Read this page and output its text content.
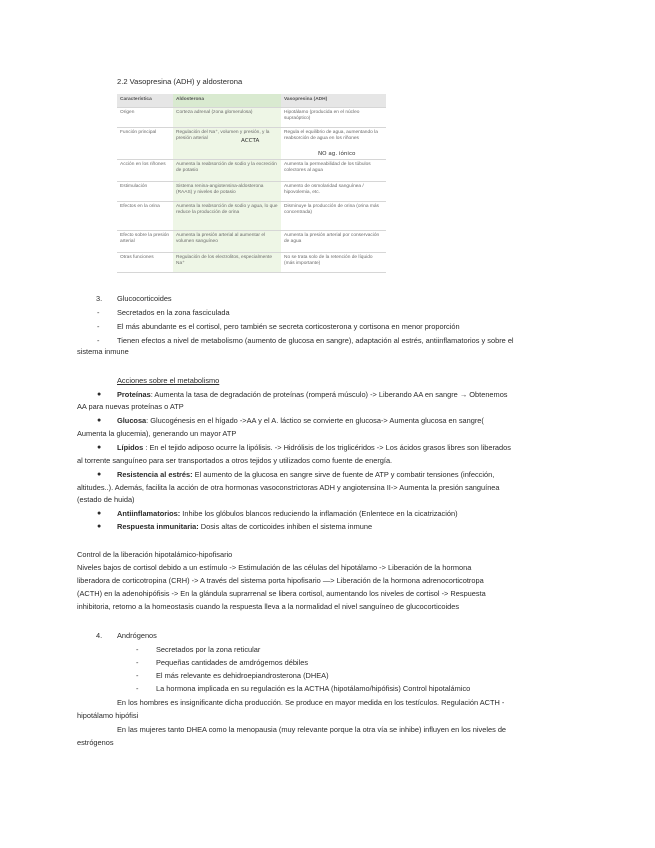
2.2 Vasopresina (ADH) y aldosterona
Característica	Aldosterona	Vasopresina (ADH)
Origen	Corteza adrenal (zona glomerulosa)	Hipotálamo (producida en el núcleo supraóptico)
Función principal	Regulación del Na⁺, volumen y presión, y la presión arterial	Regula el equilibrio de agua, aumentando la reabsorción de agua en los riñones
Acción en los riñones	Aumenta la reabsorción de sodio y la excreción de potasio	Aumenta la permeabilidad de los túbulos colectores al agua
Estimulación	Sistema renina-angiotensina-aldosterona (RAAS) y niveles de potasio	Aumento de osmolaridad sanguínea / hipovolemia, etc.
Efectos en la orina	Aumenta la reabsorción de sodio y agua, lo que reduce la producción de orina	Disminuye la producción de orina (orina más concentrada)
Efecto sobre la presión arterial	Aumenta la presión arterial al aumentar el volumen sanguíneo	Aumenta la presión arterial por conservación de agua
Otras funciones	Regulación de los electrolitos, especialmente Na⁺	No se trata solo de la retención de líquido (más importante)
ACCTA
NO ag. iónico
3. Glucocorticoides
- Secretados en la zona fasciculada
- El más abundante es el cortisol, pero también se secreta corticosterona y cortisona en menor proporción
- Tienen efectos a nivel de metabolismo (aumento de glucosa en sangre), adaptación al estrés, antiinflamatorios y sobre el
sistema inmune
Acciones sobre el metabolismo
● Proteínas: Aumenta la tasa de degradación de proteínas (romperá músculo) -> Liberando AA en sangre → Obtenemos
AA para nuevas proteínas o ATP
● Glucosa: Glucogénesis en el hígado ->AA y el A. láctico se convierte en glucosa-> Aumenta glucosa en sangre(
Aumenta la glucemia), generando un mayor ATP
● Lípidos : En el tejido adiposo ocurre la lipólisis. -> Hidrólisis de los triglicéridos -> Los ácidos grasos libres son liberados
al torrente sanguíneo para ser transportados a otros tejidos y utilizados como fuente de energía.
● Resistencia al estrés: El aumento de la glucosa en sangre sirve de fuente de ATP y combatir tensiones (infección,
altitudes..). Además, facilita la acción de otra hormonas vasoconstrictoras ADH y angiotensina II-> Aumenta la presión sanguínea
(estado de huida)
● Antiinflamatorios: Inhibe los glóbulos blancos reduciendo la inflamación (Enlentece en la cicatrización)
● Respuesta inmunitaria: Dosis altas de corticoides inhiben el sistema inmune
Control de la liberación hipotalámico-hipofisario
Niveles bajos de cortisol debido a un estímulo -> Estimulación de las células del hipotálamo -> Liberación de la hormona
liberadora de corticotropina (CRH) -> A través del sistema porta hipofisario —> Liberación de la hormona adrenocorticotropa
(ACTH) en la adenohipófisis -> En la glándula suprarrenal se libera cortisol, aumentando los niveles de cortisol -> Respuesta
inhibitoria, retorno a la homeostasis cuando la respuesta lleva a la normalidad el nivel sanguíneo de glucocorticoides
4. Andrógenos
- Secretados por la zona reticular
- Pequeñas cantidades de amdrógemos débiles
- El más relevante es dehidroepiandrosterona (DHEA)
- La hormona implicada en su regulación es la ACTHA (hipotálamo/hipófisis) Control hipotalámico
En los hombres es insignificante dicha producción. Se produce en mayor medida en los testículos. Regulación ACTH -
hipotálamo hipófisi
En las mujeres tanto DHEA como la menopausia (muy relevante porque la otra vía se inhibe) influyen en los niveles de
estrógenos
